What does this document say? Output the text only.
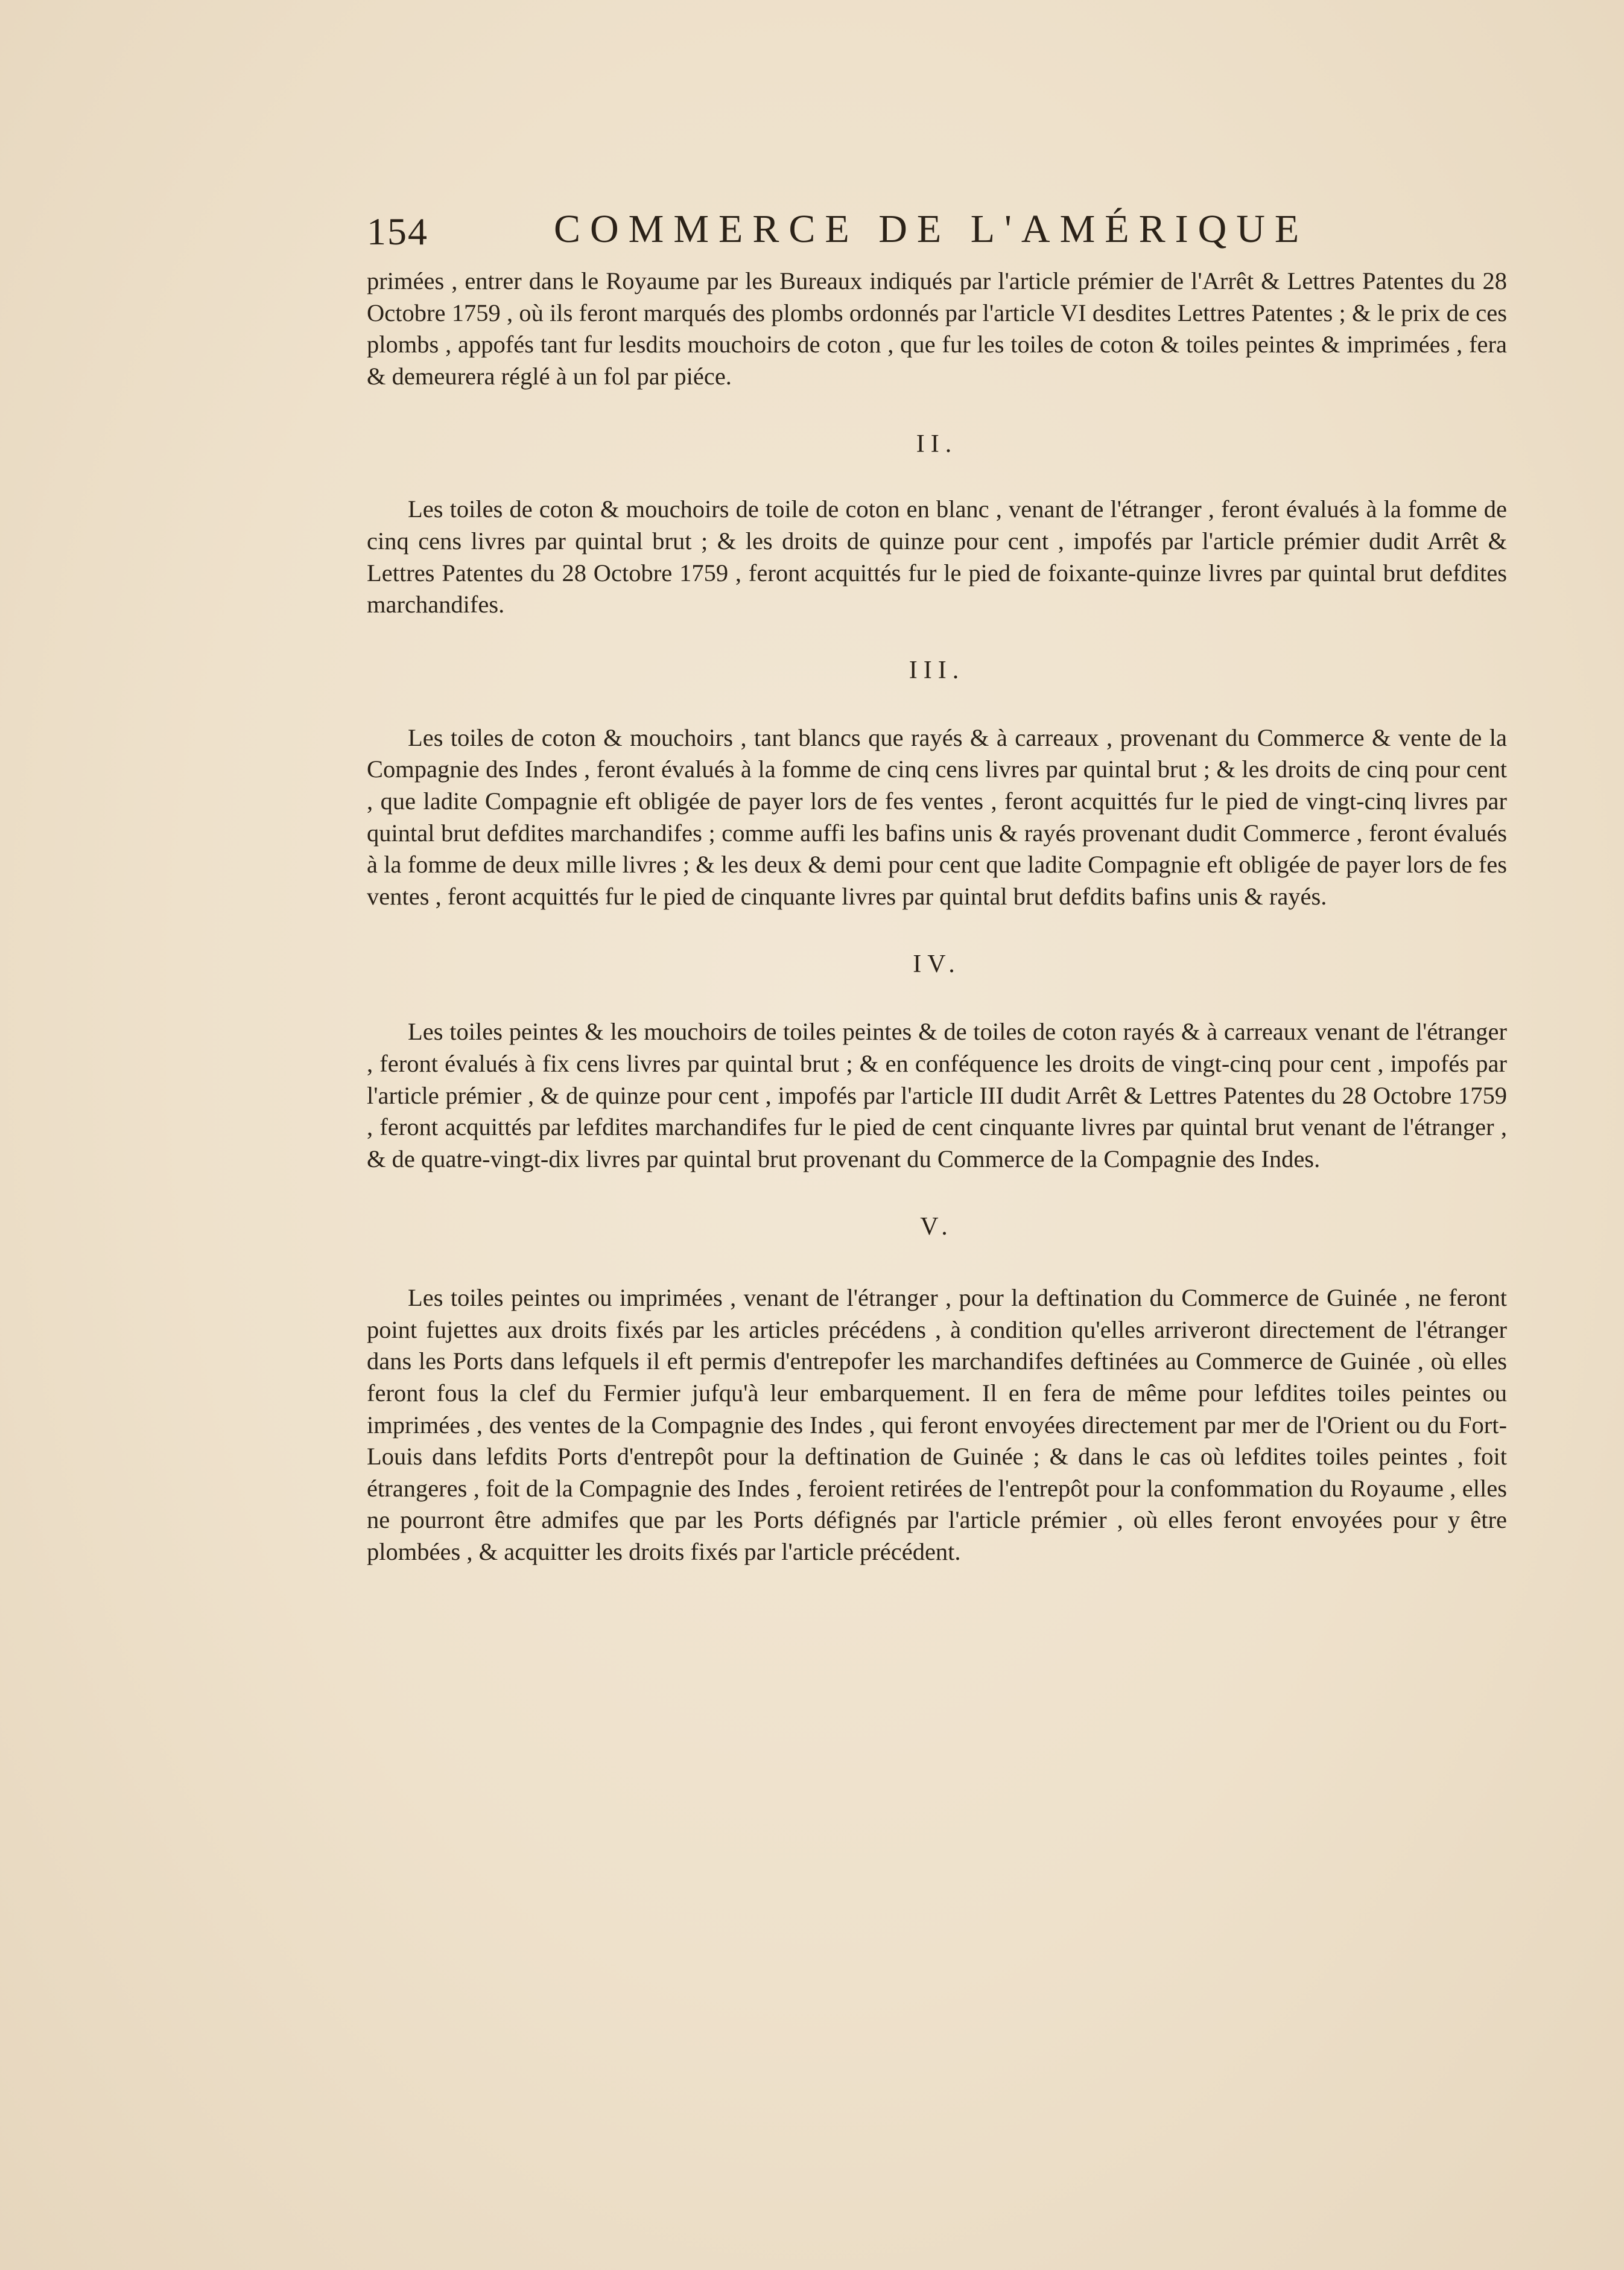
154	COMMERCE DE L'AMÉRIQUE

primées , entrer dans le Royaume par les Bureaux indiqués par l'article prémier de l'Arrêt & Lettres Patentes du 28 Octobre 1759 , où ils feront marqués des plombs ordonnés par l'article VI desdites Lettres Patentes ; & le prix de ces plombs , appofés tant fur lesdits mouchoirs de coton , que fur les toiles de coton & toiles peintes & imprimées , fera & demeurera réglé à un fol par piéce.

II.

Les toiles de coton & mouchoirs de toile de coton en blanc , venant de l'étranger , feront évalués à la fomme de cinq cens livres par quintal brut ; & les droits de quinze pour cent , impofés par l'article prémier dudit Arrêt & Lettres Patentes du 28 Octobre 1759 , feront acquittés fur le pied de foixante-quinze livres par quintal brut defdites marchandifes.

III.

Les toiles de coton & mouchoirs , tant blancs que rayés & à carreaux , provenant du Commerce & vente de la Compagnie des Indes , feront évalués à la fomme de cinq cens livres par quintal brut ; & les droits de cinq pour cent , que ladite Compagnie eft obligée de payer lors de fes ventes , feront acquittés fur le pied de vingt-cinq livres par quintal brut defdites marchandifes ; comme auffi les bafins unis & rayés provenant dudit Commerce , feront évalués à la fomme de deux mille livres ; & les deux & demi pour cent que ladite Compagnie eft obligée de payer lors de fes ventes , feront acquittés fur le pied de cinquante livres par quintal brut defdits bafins unis & rayés.

IV.

Les toiles peintes & les mouchoirs de toiles peintes & de toiles de coton rayés & à carreaux venant de l'étranger , feront évalués à fix cens livres par quintal brut ; & en conféquence les droits de vingt-cinq pour cent , impofés par l'article prémier , & de quinze pour cent , impofés par l'article III dudit Arrêt & Lettres Patentes du 28 Octobre 1759 , feront acquittés par lefdites marchandifes fur le pied de cent cinquante livres par quintal brut venant de l'étranger , & de quatre-vingt-dix livres par quintal brut provenant du Commerce de la Compagnie des Indes.

V.

Les toiles peintes ou imprimées , venant de l'étranger , pour la deftination du Commerce de Guinée , ne feront point fujettes aux droits fixés par les articles précédens , à condition qu'elles arriveront directement de l'étranger dans les Ports dans lefquels il eft permis d'entrepofer les marchandifes deftinées au Commerce de Guinée , où elles feront fous la clef du Fermier jufqu'à leur embarquement. Il en fera de même pour lefdites toiles peintes ou imprimées , des ventes de la Compagnie des Indes , qui feront envoyées directement par mer de l'Orient ou du Fort-Louis dans lefdits Ports d'entrepôt pour la deftination de Guinée ; & dans le cas où lefdites toiles peintes , foit étrangeres , foit de la Compagnie des Indes , feroient retirées de l'entrepôt pour la confommation du Royaume , elles ne pourront être admifes que par les Ports défignés par l'article prémier , où elles feront envoyées pour y être plombées , & acquitter les droits fixés par l'article précédent.
